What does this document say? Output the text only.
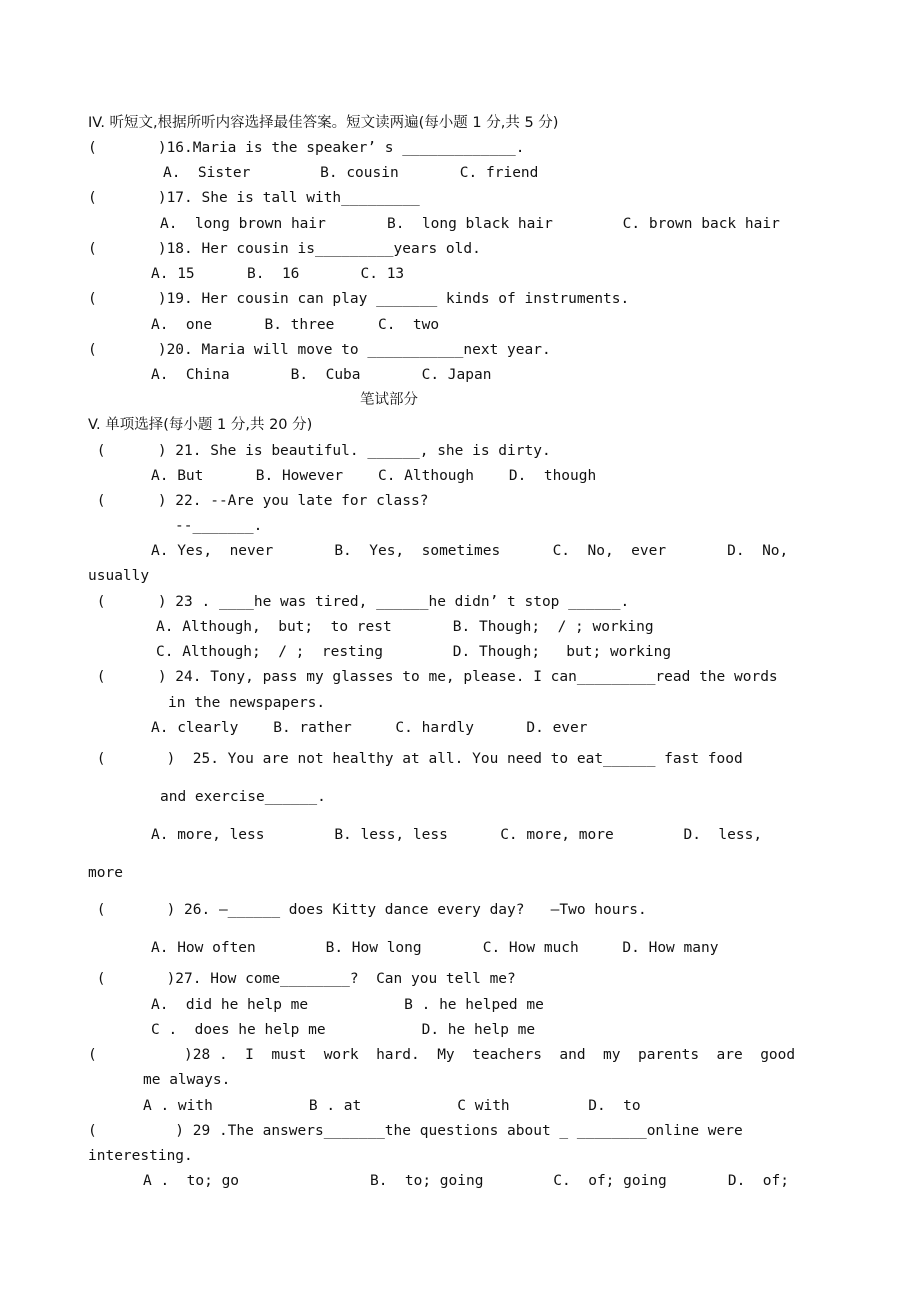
IV. 听短文,根据所听内容选择最佳答案。短文读两遍(每小题 1 分,共 5 分)
(       )16.Maria is the speaker’ s _____________.
A.  Sister        B. cousin       C. friend
(       )17. She is tall with_________
A.  long brown hair       B.  long black hair        C. brown back hair
(       )18. Her cousin is_________years old.
A. 15      B.  16       C. 13
(       )19. Her cousin can play _______ kinds of instruments.
A.  one      B. three     C.  two
(       )20. Maria will move to ___________next year.
A.  China       B.  Cuba       C. Japan
笔试部分
V. 单项选择(每小题 1 分,共 20 分)
(      ) 21. She is beautiful. ______, she is dirty.
A. But      B. However    C. Although    D.  though
(      ) 22. --Are you late for class?
--_______.
A. Yes,  never       B.  Yes,  sometimes      C.  No,  ever       D.  No,
usually
(      ) 23 . ____he was tired, ______he didn’ t stop ______.
A. Although,  but;  to rest       B. Though;  / ; working
C. Although;  / ;  resting        D. Though;   but; working
(      ) 24. Tony, pass my glasses to me, please. I can_________read the words
in the newspapers.
A. clearly    B. rather     C. hardly      D. ever
(       )  25. You are not healthy at all. You need to eat______ fast food
and exercise______.
A. more, less        B. less, less      C. more, more        D.  less,
more
(       ) 26. —______ does Kitty dance every day?   —Two hours.
A. How often        B. How long       C. How much     D. How many
(       )27. How come________?  Can you tell me?
A.  did he help me           B . he helped me
C .  does he help me           D. he help me
(          )28 .  I  must  work  hard.  My  teachers  and  my  parents  are  good
me always.
A . with           B . at           C with         D.  to
(         ) 29 .The answers_______the questions about _ ________online were
interesting.
A .  to; go               B.  to; going        C.  of; going       D.  of;
